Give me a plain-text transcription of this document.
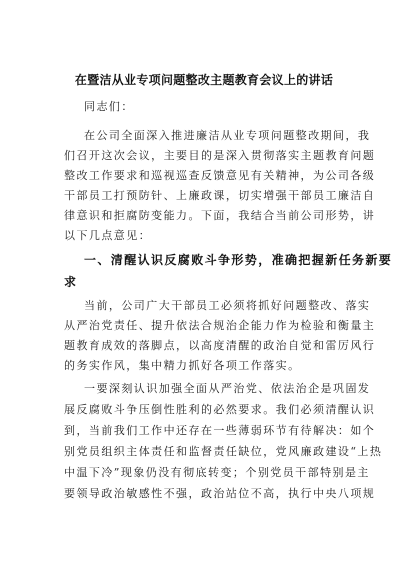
在暨洁从业专项问题整改主题教育会议上的讲话
同志们：
在公司全面深入推进廉洁从业专项问题整改期间，我
们召开这次会议，主要目的是深入贯彻落实主题教育问题
整改工作要求和巡视巡查反馈意见有关精神，为公司各级
干部员工打预防针、上廉政课，切实增强干部员工廉洁自
律意识和拒腐防变能力。下面，我结合当前公司形势，讲
以下几点意见：
一、清醒认识反腐败斗争形势，准确把握新任务新要
求
当前，公司广大干部员工必须将抓好问题整改、落实
从严治党责任、提升依法合规治企能力作为检验和衡量主
题教育成效的落脚点，以高度清醒的政治自觉和雷厉风行
的务实作风，集中精力抓好各项工作落实。
一要深刻认识加强全面从严治党、依法治企是巩固发
展反腐败斗争压倒性胜利的必然要求。我们必须清醒认识
到，当前我们工作中还存在一些薄弱环节有待解决：如个
别党员组织主体责任和监督责任缺位，党风廉政建设“上热
中温下冷”现象仍没有彻底转变；个别党员干部特别是主
要领导政治敏感性不强，政治站位不高，执行中央八项规
